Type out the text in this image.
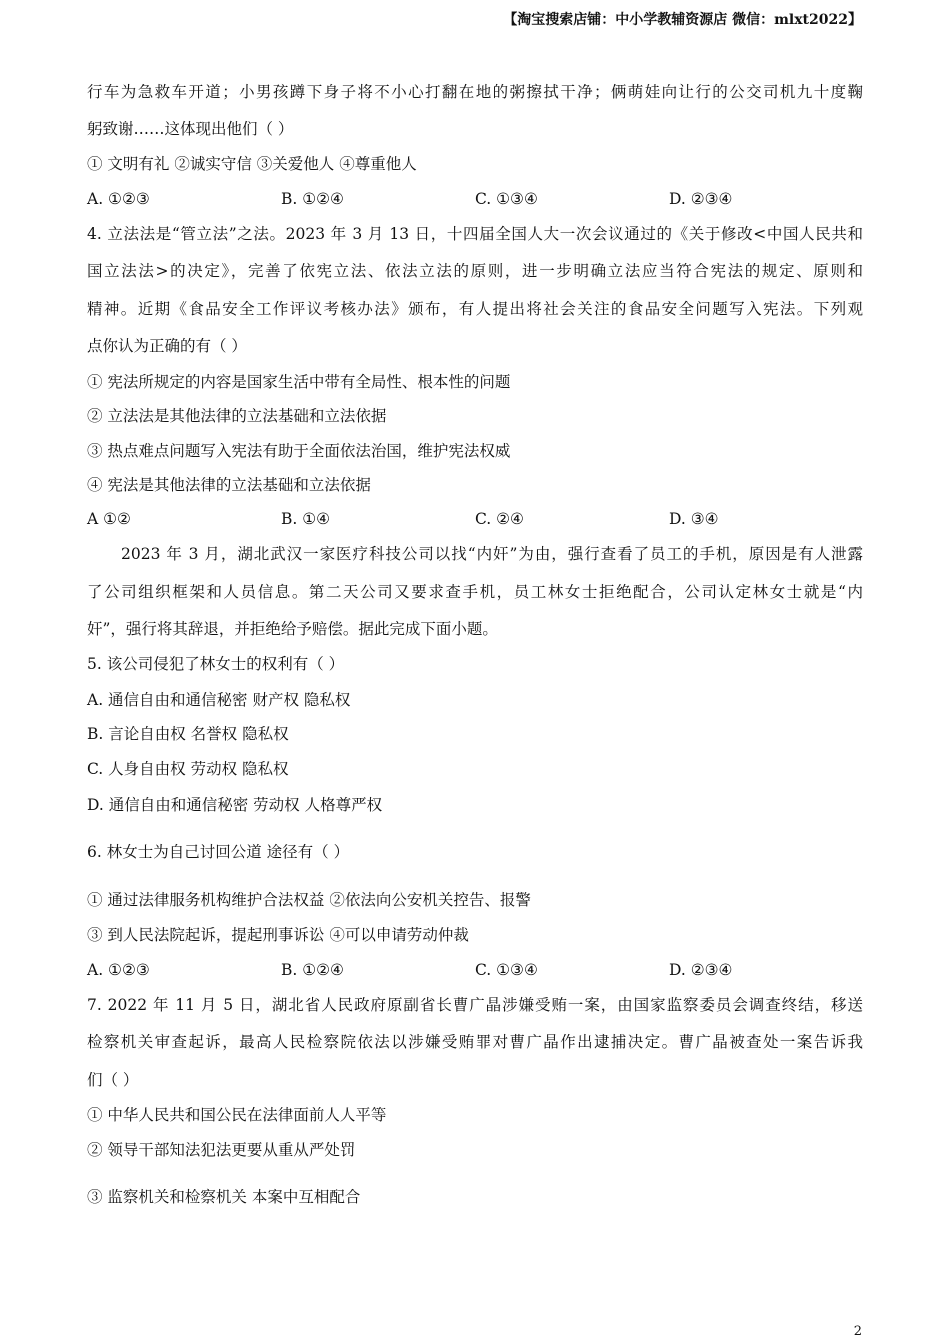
【淘宝搜索店铺：中小学教辅资源店 微信：mlxt2022】
行车为急救车开道；小男孩蹲下身子将不小心打翻在地的粥擦拭干净；俩萌娃向让行的公交司机九十度鞠
躬致谢……这体现出他们（ ）
① 文明有礼 ②诚实守信 ③关爱他人 ④尊重他人
A. ①②③	B. ①②④	C. ①③④	D. ②③④
4. 立法法是“管立法”之法。2023 年 3 月 13 日，十四届全国人大一次会议通过的《关于修改<中国人民共和
国立法法>的决定》，完善了依宪立法、依法立法的原则，进一步明确立法应当符合宪法的规定、原则和
精神。近期《食品安全工作评议考核办法》颁布，有人提出将社会关注的食品安全问题写入宪法。下列观
点你认为正确的有（ ）
① 宪法所规定的内容是国家生活中带有全局性、根本性的问题
② 立法法是其他法律的立法基础和立法依据
③ 热点难点问题写入宪法有助于全面依法治国，维护宪法权威
④ 宪法是其他法律的立法基础和立法依据
A ①②	B. ①④	C. ②④	D. ③④
2023 年 3 月，湖北武汉一家医疗科技公司以找“内奸”为由，强行查看了员工的手机，原因是有人泄露
了公司组织框架和人员信息。第二天公司又要求查手机，员工林女士拒绝配合，公司认定林女士就是“内
奸”，强行将其辞退，并拒绝给予赔偿。据此完成下面小题。
5. 该公司侵犯了林女士的权利有（ ）
A. 通信自由和通信秘密 财产权 隐私权
B. 言论自由权 名誉权 隐私权
C. 人身自由权 劳动权 隐私权
D. 通信自由和通信秘密 劳动权 人格尊严权
6. 林女士为自己讨回公道 途径有（ ）
① 通过法律服务机构维护合法权益 ②依法向公安机关控告、报警
③ 到人民法院起诉，提起刑事诉讼 ④可以申请劳动仲裁
A. ①②③	B. ①②④	C. ①③④	D. ②③④
7. 2022 年 11 月 5 日，湖北省人民政府原副省长曹广晶涉嫌受贿一案，由国家监察委员会调查终结，移送
检察机关审查起诉，最高人民检察院依法以涉嫌受贿罪对曹广晶作出逮捕决定。曹广晶被查处一案告诉我
们（ ）
① 中华人民共和国公民在法律面前人人平等
② 领导干部知法犯法更要从重从严处罚
③ 监察机关和检察机关 本案中互相配合
2
